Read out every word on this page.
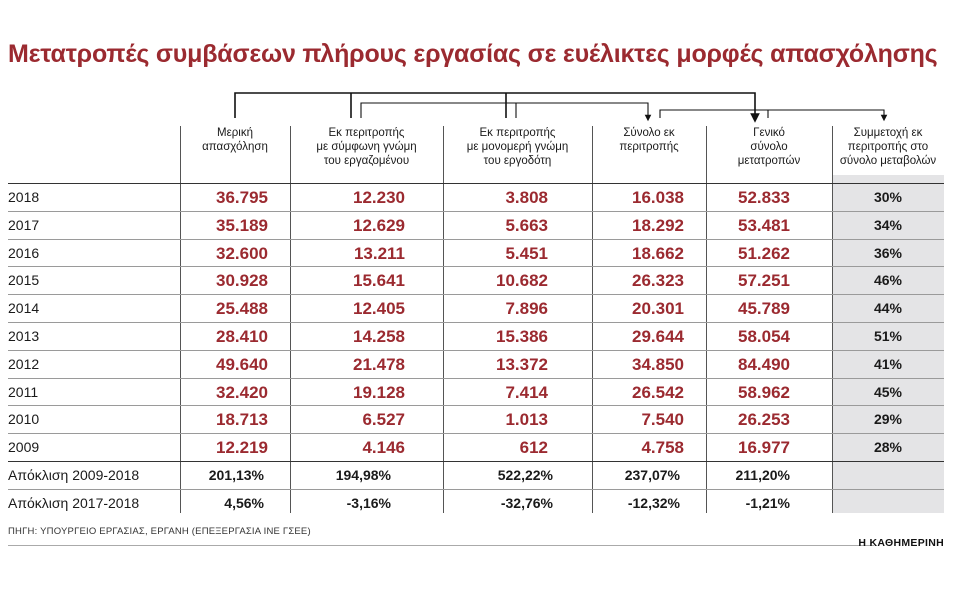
Μετατροπές συμβάσεων πλήρους εργασίας σε ευέλικτες μορφές απασχόλησης
Μερική
απασχόληση
Εκ περιτροπής
με σύμφωνη γνώμη
του εργαζομένου
Εκ περιτροπής
με μονομερή γνώμη
του εργοδότη
Σύνολο εκ
περιτροπής
Γενικό
σύνολο
μετατροπών
Συμμετοχή εκ
περιτροπής στο
σύνολο μεταβολών
2018	36.795	12.230	3.808	16.038	52.833	30%
2017	35.189	12.629	5.663	18.292	53.481	34%
2016	32.600	13.211	5.451	18.662	51.262	36%
2015	30.928	15.641	10.682	26.323	57.251	46%
2014	25.488	12.405	7.896	20.301	45.789	44%
2013	28.410	14.258	15.386	29.644	58.054	51%
2012	49.640	21.478	13.372	34.850	84.490	41%
2011	32.420	19.128	7.414	26.542	58.962	45%
2010	18.713	6.527	1.013	7.540	26.253	29%
2009	12.219	4.146	612	4.758	16.977	28%
Απόκλιση 2009-2018	201,13%	194,98%	522,22%	237,07%	211,20%
Απόκλιση 2017-2018	4,56%	-3,16%	-32,76%	-12,32%	-1,21%
ΠΗΓΗ: ΥΠΟΥΡΓΕΙΟ ΕΡΓΑΣΙΑΣ, ΕΡΓΑΝΗ (ΕΠΕΞΕΡΓΑΣΙΑ ΙΝΕ ΓΣΕΕ)
Η ΚΑΘΗΜΕΡΙΝΗ
